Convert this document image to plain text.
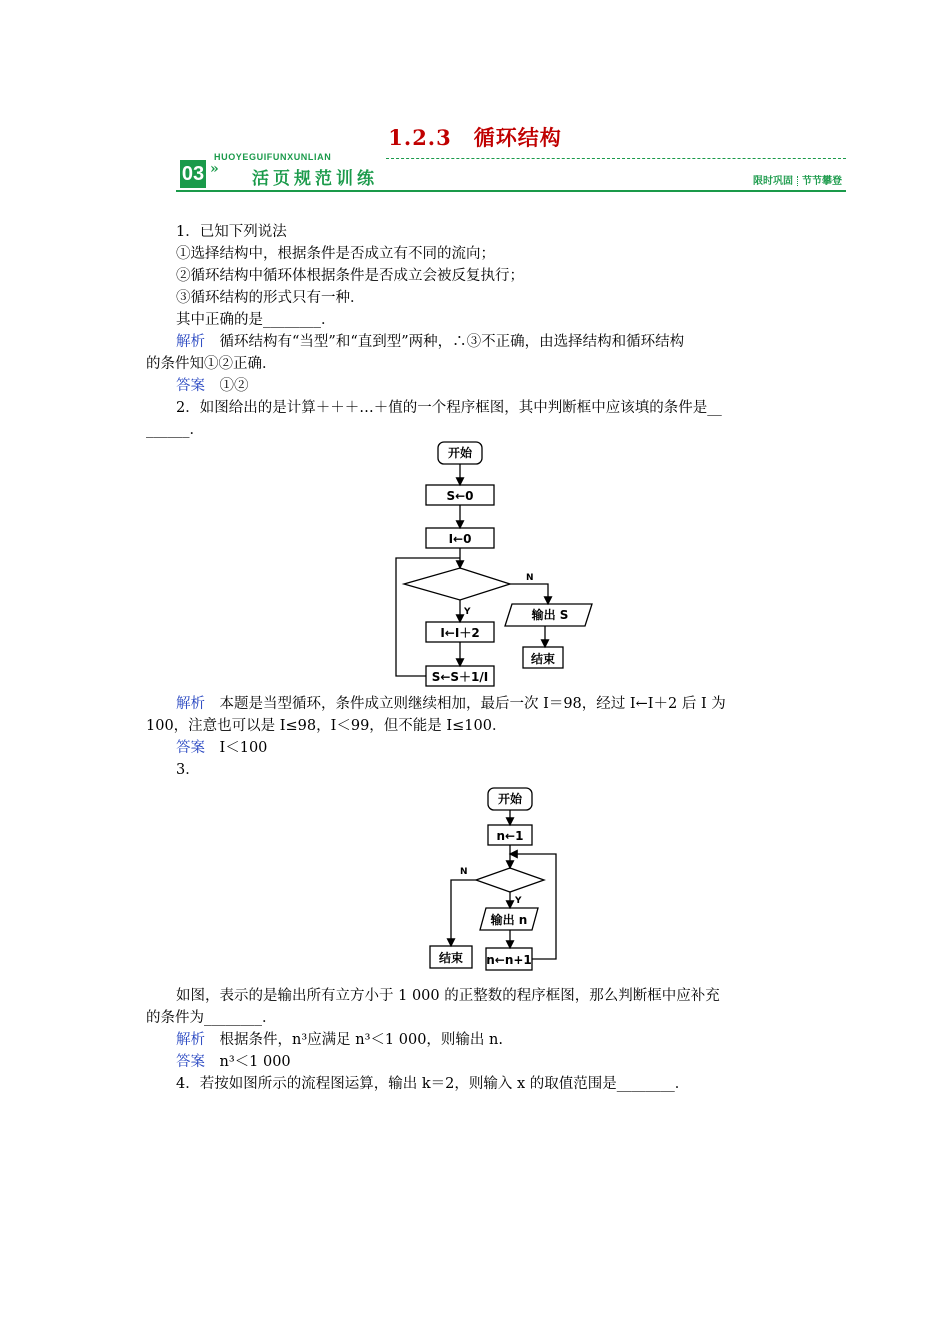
1.2.3　循环结构
HUOYEGUIFUNXUNLIAN
03 » 活页规范训练	限时巩固 节节攀登
1．已知下列说法
①选择结构中，根据条件是否成立有不同的流向；
②循环结构中循环体根据条件是否成立会被反复执行；
③循环结构的形式只有一种．
其中正确的是________．
解析　 循环结构有“当型”和“直到型”两种，∴③不正确，由选择结构和循环结构
的条件知①②正确．
答案　 ①②
2．如图给出的是计算＋＋＋…＋值的一个程序框图，其中判断框中应该填的条件是__
______．
开始
S←0
I←0
输出 S
结束
I←I＋2
S←S＋1/I
N
Y
解析　 本题是当型循环，条件成立则继续相加，最后一次 I＝98，经过 I←I＋2 后 I 为
100，注意也可以是 I≤98，I＜99，但不能是 I≤100．
答案　 I＜100
3．
开始
n←1
输出 n
n←n+1
结束
N
Y
如图，表示的是输出所有立方小于 1 000 的正整数的程序框图，那么判断框中应补充
的条件为________．
解析　 根据条件，n³应满足 n³＜1 000，则输出 n.
答案　 n³＜1 000
4．若按如图所示的流程图运算，输出 k＝2，则输入 x 的取值范围是________．
